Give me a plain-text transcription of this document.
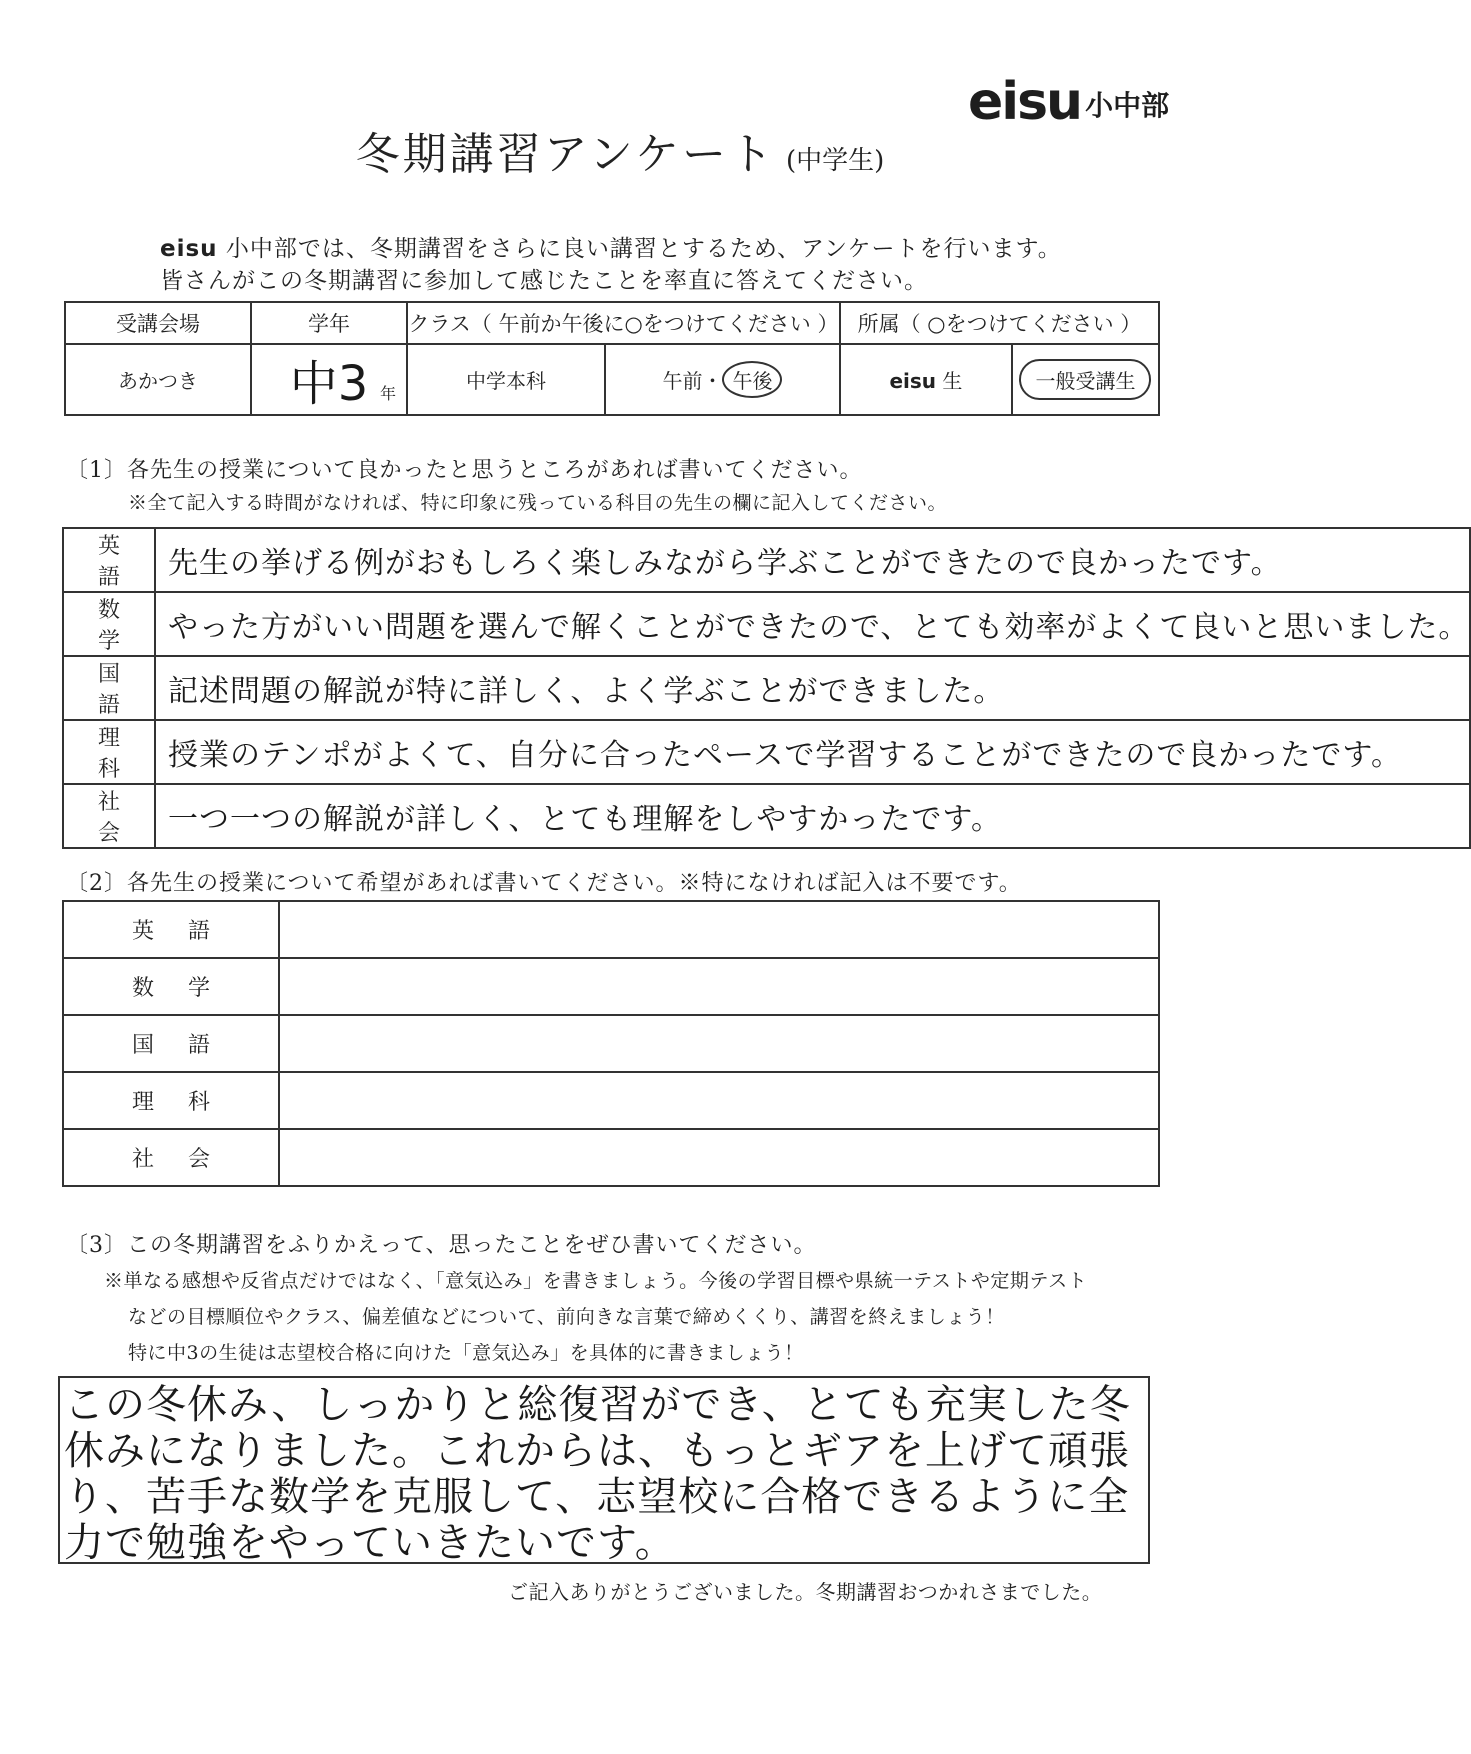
eisu 小中部
冬期講習アンケート (中学生)
eisu 小中部では、冬期講習をさらに良い講習とするため、アンケートを行います。
皆さんがこの冬期講習に参加して感じたことを率直に答えてください。
受講会場	学年	クラス（ 午前か午後に○をつけてください ）		所属（ ○をつけてください ）	
あかつき	中3 年	中学本科	午前・ 午後	eisu 生	一般受講生
〔1〕各先生の授業について良かったと思うところがあれば書いてください。
※全て記入する時間がなければ、特に印象に残っている科目の先生の欄に記入してください。
英語	先生の挙げる例がおもしろく楽しみながら学ぶことができたので良かったです。
数学	やった方がいい問題を選んで解くことができたので、とても効率がよくて良いと思いました。
国語	記述問題の解説が特に詳しく、よく学ぶことができました。
理科	授業のテンポがよくて、自分に合ったペースで学習することができたので良かったです。
社会	一つ一つの解説が詳しく、とても理解をしやすかったです。
〔2〕各先生の授業について希望があれば書いてください。※特になければ記入は不要です。
英語	
数学	
国語	
理科	
社会	
〔3〕この冬期講習をふりかえって、思ったことをぜひ書いてください。
※単なる感想や反省点だけではなく、「意気込み」を書きましょう。今後の学習目標や県統一テストや定期テスト
などの目標順位やクラス、偏差値などについて、前向きな言葉で締めくくり、講習を終えましょう！
特に中3の生徒は志望校合格に向けた「意気込み」を具体的に書きましょう！
この冬休み、しっかりと総復習ができ、とても充実した冬休みになりました。これからは、もっとギアを上げて頑張り、苦手な数学を克服して、志望校に合格できるように全力で勉強をやっていきたいです。
ご記入ありがとうございました。冬期講習おつかれさまでした。
